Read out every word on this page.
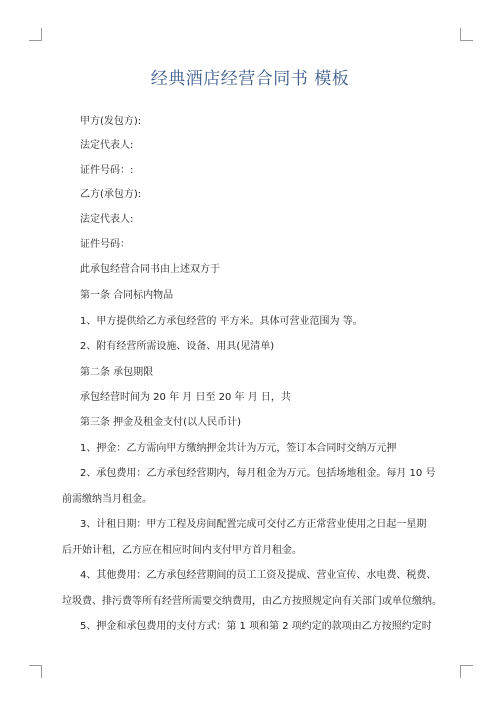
经典酒店经营合同书 模板
甲方(发包方):
法定代表人:
证件号码：:
乙方(承包方):
法定代表人:
证件号码：
此承包经营合同书由上述双方于
第一条 合同标内物品
1、甲方提供给乙方承包经营的 平方米。具体可营业范围为 等。
2、附有经营所需设施、设备、用具(见清单)
第二条 承包期限
承包经营时间为 20 年 月 日至 20 年 月 日，共
第三条 押金及租金支付(以人民币计)
1、押金：乙方需向甲方缴纳押金共计为万元，签订本合同时交纳万元押
2、承包费用：乙方承包经营期内，每月租金为万元。包括场地租金。每月 10 号
前需缴纳当月租金。
3、计租日期：甲方工程及房间配置完成可交付乙方正常营业使用之日起一星期
后开始计租，乙方应在相应时间内支付甲方首月租金。
4、其他费用：乙方承包经营期间的员工工资及提成、营业宣传、水电费、税费、
垃圾费、排污费等所有经营所需要交纳费用，由乙方按照规定向有关部门或单位缴纳。
5、押金和承包费用的支付方式：第 1 项和第 2 项约定的款项由乙方按照约定时
